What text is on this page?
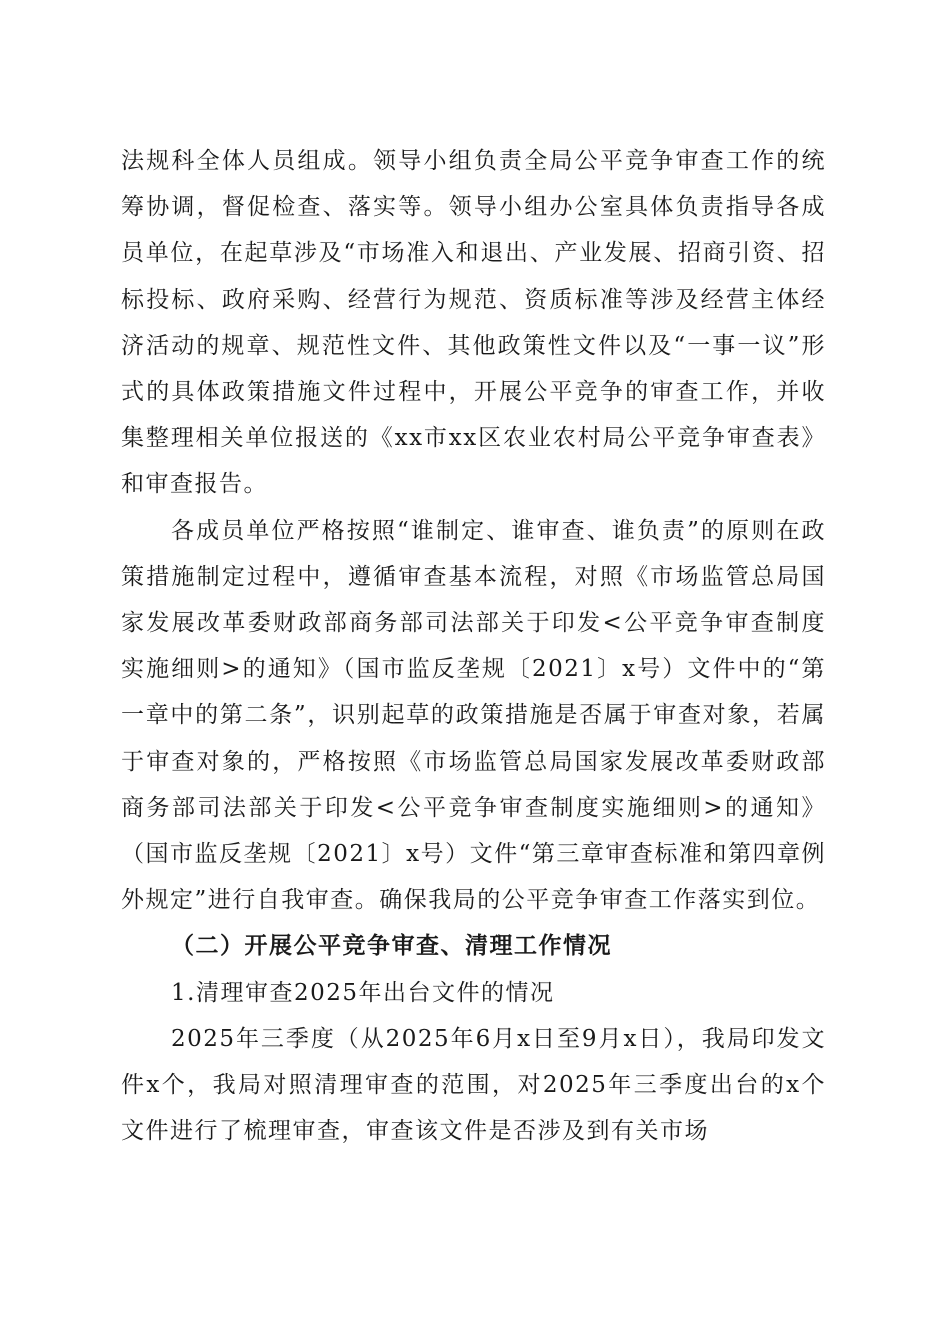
法规科全体人员组成。领导小组负责全局公平竞争审查工作的统筹协调，督促检查、落实等。领导小组办公室具体负责指导各成员单位，在起草涉及“市场准入和退出、产业发展、招商引资、招标投标、政府采购、经营行为规范、资质标准等涉及经营主体经济活动的规章、规范性文件、其他政策性文件以及“一事一议”形式的具体政策措施文件过程中，开展公平竞争的审查工作，并收集整理相关单位报送的《xx市xx区农业农村局公平竞争审查表》和审查报告。

各成员单位严格按照“谁制定、谁审查、谁负责”的原则在政策措施制定过程中，遵循审查基本流程，对照《市场监管总局国家发展改革委财政部商务部司法部关于印发<公平竞争审查制度实施细则>的通知》（国市监反垄规〔2021〕x号）文件中的“第一章中的第二条”，识别起草的政策措施是否属于审查对象，若属于审查对象的，严格按照《市场监管总局国家发展改革委财政部商务部司法部关于印发<公平竞争审查制度实施细则>的通知》（国市监反垄规〔2021〕x号）文件“第三章审查标准和第四章例外规定”进行自我审查。确保我局的公平竞争审查工作落实到位。

（二）开展公平竞争审查、清理工作情况

1.清理审查2025年出台文件的情况

2025年三季度（从2025年6月x日至9月x日），我局印发文件x个，我局对照清理审查的范围，对2025年三季度出台的x个文件进行了梳理审查，审查该文件是否涉及到有关市场
